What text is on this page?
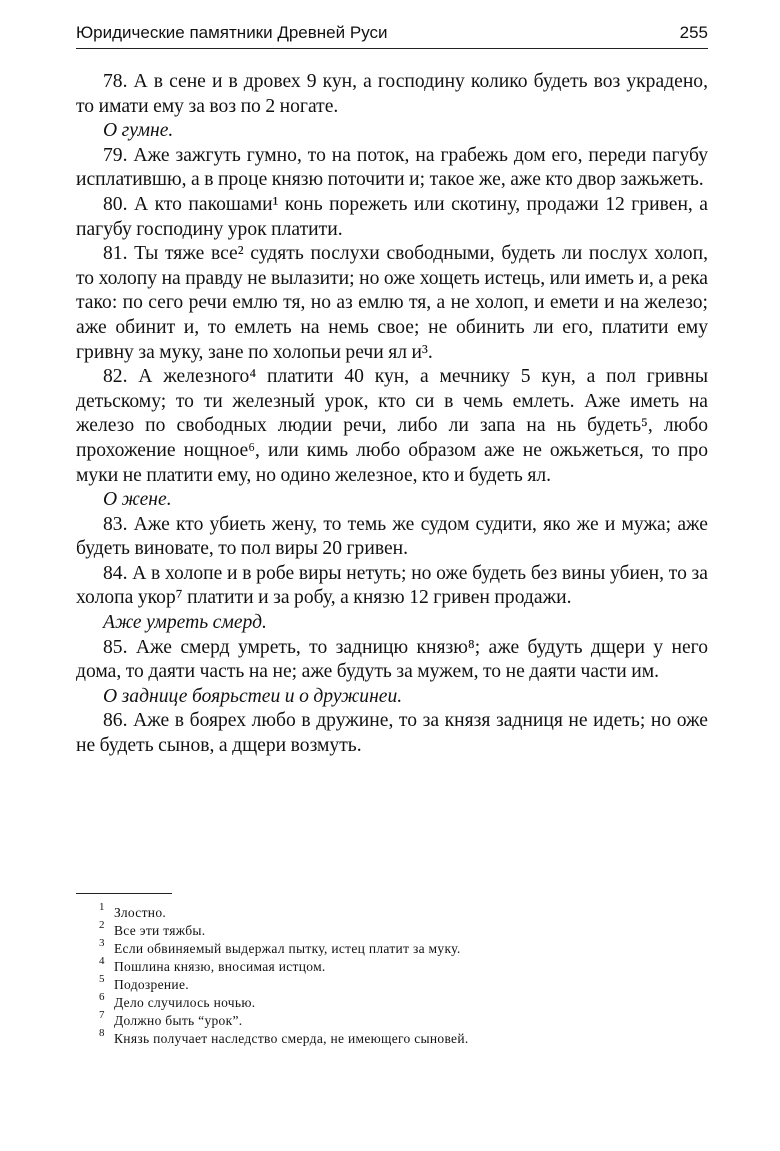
Юридические памятники Древней Руси	255

78. А в сене и в дровех 9 кун, а господину колико будеть воз украдено, то имати ему за воз по 2 ногате.

О гумне.

79. Аже зажгуть гумно, то на поток, на грабежь дом его, переди пагубу исплатившю, а в проце князю поточити и; такое же, аже кто двор зажьжеть.

80. А кто пакошами¹ конь порежеть или скотину, продажи 12 гривен, а пагубу господину урок платити.

81. Ты тяже все² судять послухи свободными, будеть ли послух холоп, то холопу на правду не вылазити; но оже хощеть истець, или иметь и, а река тако: по сего речи емлю тя, но аз емлю тя, а не холоп, и емети и на железо; аже обинит и, то емлеть на немь свое; не обинить ли его, платити ему гривну за муку, зане по холопьи речи ял и³.

82. А железного⁴ платити 40 кун, а мечнику 5 кун, а пол гривны детьскому; то ти железный урок, кто си в чемь емлеть. Аже иметь на железо по свободных людии речи, либо ли запа на нь будеть⁵, любо прохожение нощное⁶, или кимь любо образом аже не ожьжеться, то про муки не платити ему, но одино железное, кто и будеть ял.

О жене.

83. Аже кто убиеть жену, то темь же судом судити, яко же и мужа; аже будеть виновате, то пол виры 20 гривен.

84. А в холопе и в робе виры нетуть; но оже будеть без вины убиен, то за холопа укор⁷ платити и за робу, а князю 12 гривен продажи.

Аже умреть смерд.

85. Аже смерд умреть, то задницю князю⁸; аже будуть дщери у него дома, то даяти часть на не; аже будуть за мужем, то не даяти части им.

О заднице боярьстеи и о дружинеи.

86. Аже в боярех любо в дружине, то за князя задниця не идеть; но оже не будеть сынов, а дщери возмуть.

1 Злостно.
2 Все эти тяжбы.
3 Если обвиняемый выдержал пытку, истец платит за муку.
4 Пошлина князю, вносимая истцом.
5 Подозрение.
6 Дело случилось ночью.
7 Должно быть “урок”.
8 Князь получает наследство смерда, не имеющего сыновей.
